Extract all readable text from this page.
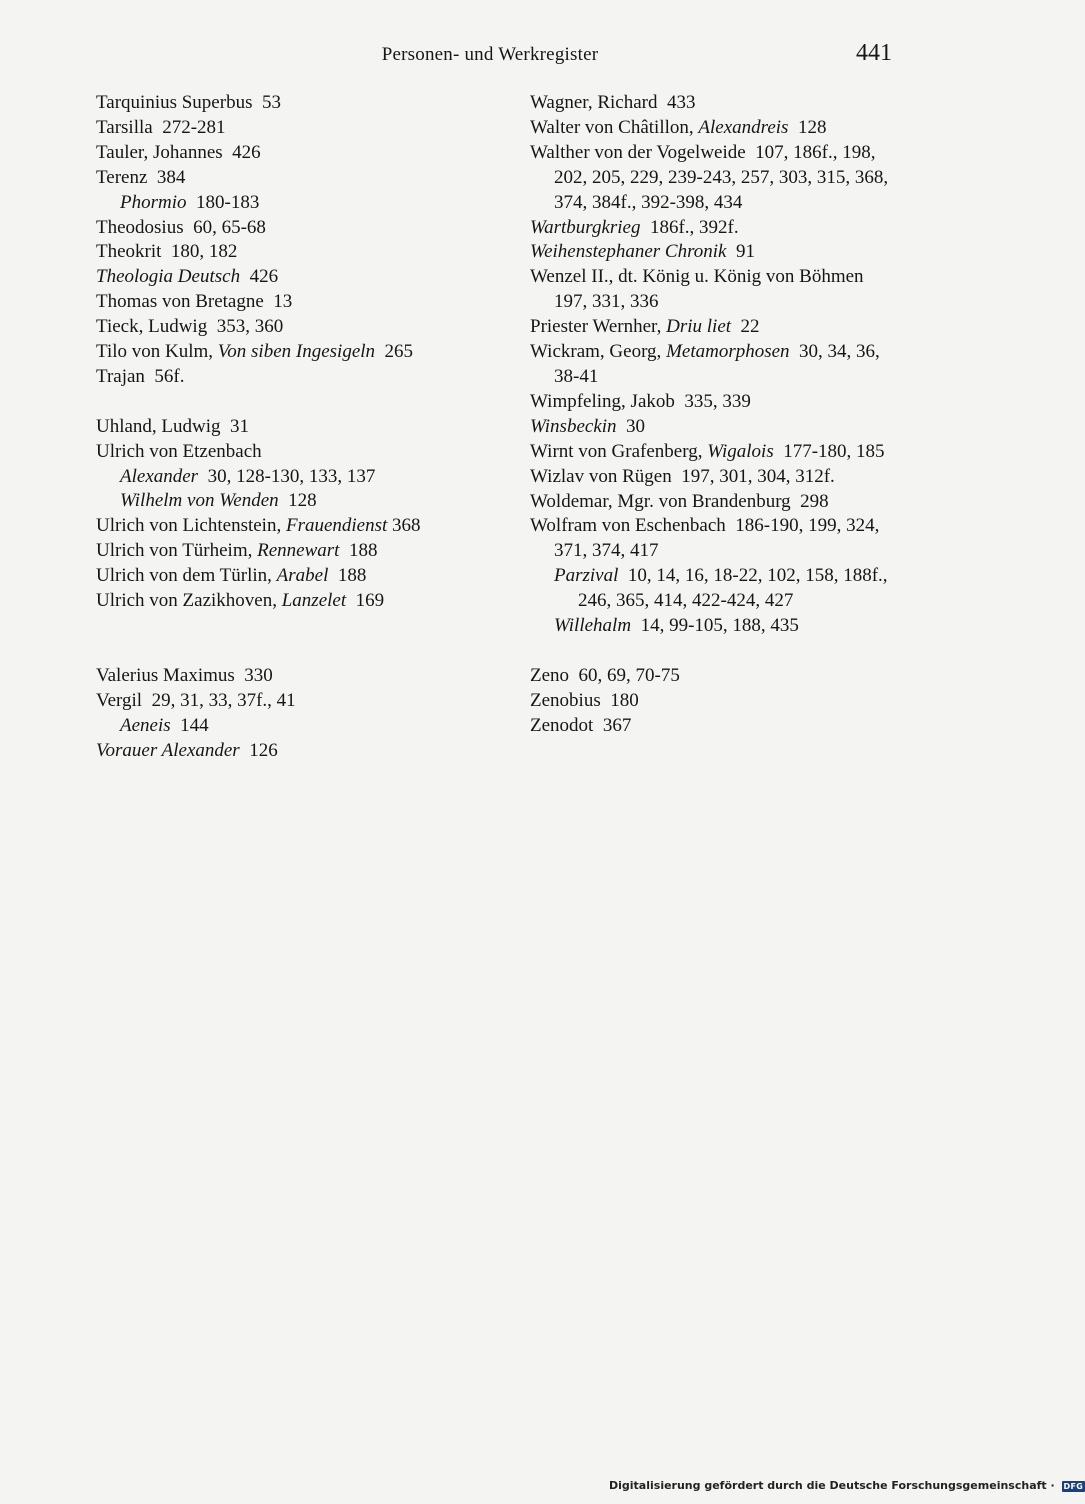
Personen- und Werkregister	441
Tarquinius Superbus  53
Tarsilla  272-281
Tauler, Johannes  426
Terenz  384
Phormio  180-183
Theodosius  60, 65-68
Theokrit  180, 182
Theologia Deutsch  426
Thomas von Bretagne  13
Tieck, Ludwig  353, 360
Tilo von Kulm, Von siben Ingesigeln  265
Trajan  56f.
Uhland, Ludwig  31
Ulrich von Etzenbach
Alexander  30, 128-130, 133, 137
Wilhelm von Wenden  128
Ulrich von Lichtenstein, Frauendienst 368
Ulrich von Türheim, Rennewart  188
Ulrich von dem Türlin, Arabel  188
Ulrich von Zazikhoven, Lanzelet  169
Valerius Maximus  330
Vergil  29, 31, 33, 37f., 41
Aeneis  144
Vorauer Alexander  126
Wagner, Richard  433
Walter von Châtillon, Alexandreis  128
Walther von der Vogelweide  107, 186f., 198, 202, 205, 229, 239-243, 257, 303, 315, 368, 374, 384f., 392-398, 434
Wartburgkrieg  186f., 392f.
Weihenstephaner Chronik  91
Wenzel II., dt. König u. König von Böhmen  197, 331, 336
Priester Wernher, Driu liet  22
Wickram, Georg, Metamorphosen  30, 34, 36, 38-41
Wimpfeling, Jakob  335, 339
Winsbeckin  30
Wirnt von Grafenberg, Wigalois  177-180, 185
Wizlav von Rügen  197, 301, 304, 312f.
Woldemar, Mgr. von Brandenburg  298
Wolfram von Eschenbach  186-190, 199, 324, 371, 374, 417
Parzival  10, 14, 16, 18-22, 102, 158, 188f., 246, 365, 414, 422-424, 427
Willehalm  14, 99-105, 188, 435
Zeno  60, 69, 70-75
Zenobius  180
Zenodot  367
Digitalisierung gefördert durch die Deutsche Forschungsgemeinschaft · DFG
